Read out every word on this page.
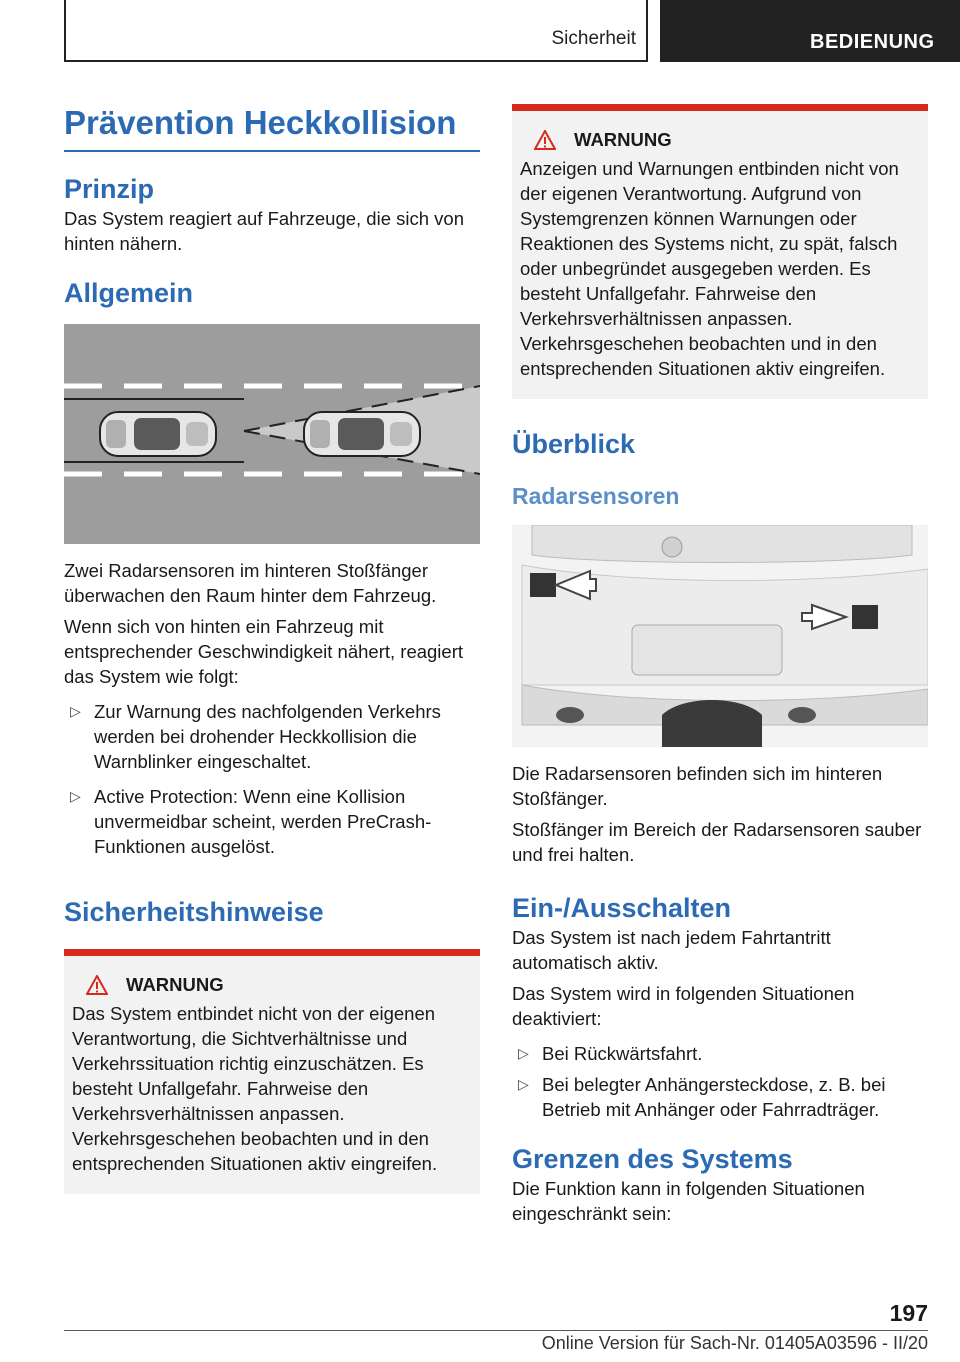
Sicherheit	BEDIENUNG
Prävention Heckkollision
Prinzip

Das System reagiert auf Fahrzeuge, die sich von hinten nähern.

Allgemein

Zwei Radarsensoren im hinteren Stoßfänger überwachen den Raum hinter dem Fahrzeug.

Wenn sich von hinten ein Fahrzeug mit entsprechender Geschwindigkeit nähert, reagiert das System wie folgt:

▷ Zur Warnung des nachfolgenden Verkehrs werden bei drohender Heckkollision die Warnblinker eingeschaltet.
▷ Active Protection: Wenn eine Kollision unvermeidbar scheint, werden PreCrash-Funktionen ausgelöst.
Sicherheitshinweise
WARNUNG

Das System entbindet nicht von der eigenen Verantwortung, die Sichtverhältnisse und Verkehrssituation richtig einzuschätzen. Es besteht Unfallgefahr. Fahrweise den Verkehrsverhältnissen anpassen. Verkehrsgeschehen beobachten und in den entsprechenden Situationen aktiv eingreifen.

WARNUNG

Anzeigen und Warnungen entbinden nicht von der eigenen Verantwortung. Aufgrund von Systemgrenzen können Warnungen oder Reaktionen des Systems nicht, zu spät, falsch oder unbegründet ausgegeben werden. Es besteht Unfallgefahr. Fahrweise den Verkehrsverhältnissen anpassen. Verkehrsgeschehen beobachten und in den entsprechenden Situationen aktiv eingreifen.

Überblick
Radarsensoren

Die Radarsensoren befinden sich im hinteren Stoßfänger.

Stoßfänger im Bereich der Radarsensoren sauber und frei halten.

Ein-/Ausschalten

Das System ist nach jedem Fahrtantritt automatisch aktiv.

Das System wird in folgenden Situationen deaktiviert:

▷ Bei Rückwärtsfahrt.
▷ Bei belegter Anhängersteckdose, z. B. bei Betrieb mit Anhänger oder Fahrradträger.
Grenzen des Systems

Die Funktion kann in folgenden Situationen eingeschränkt sein:

197
Online Version für Sach-Nr. 01405A03596 - II/20
